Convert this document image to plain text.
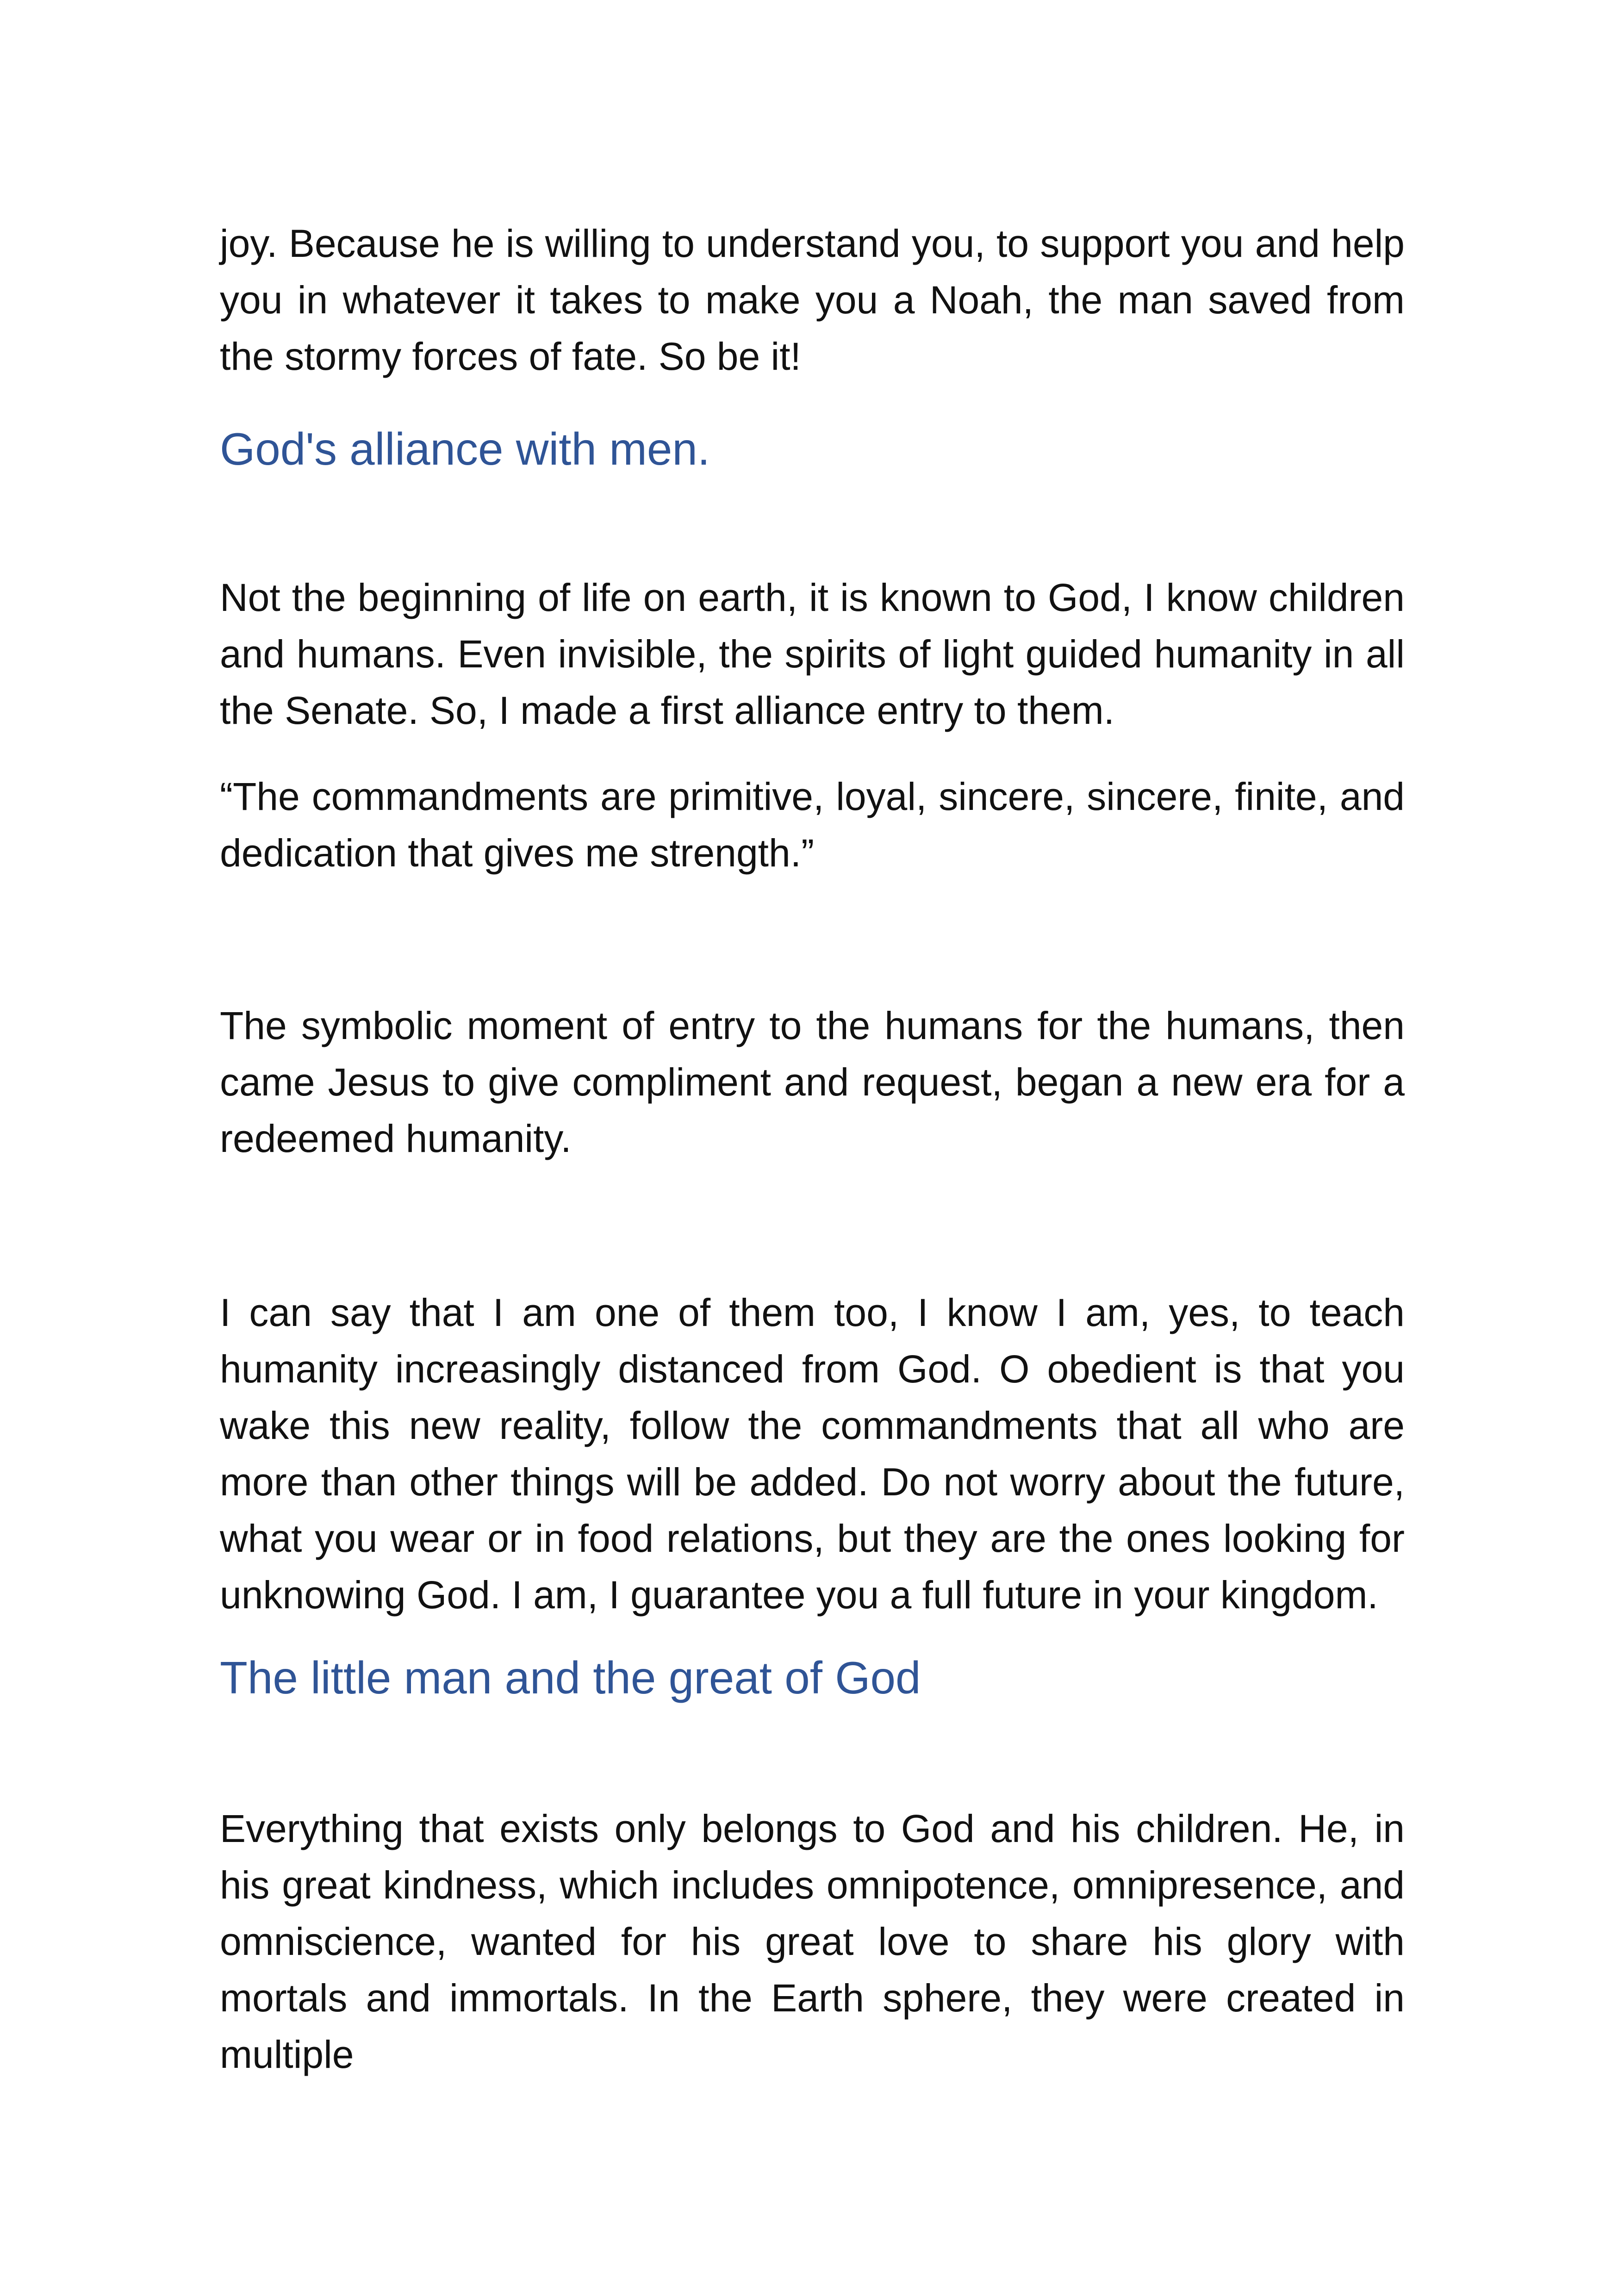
joy. Because he is willing to understand you, to support you and help you in whatever it takes to make you a Noah, the man saved from the stormy forces of fate. So be it!

God's alliance with men.

Not the beginning of life on earth, it is known to God, I know children and humans. Even invisible, the spirits of light guided humanity in all the Senate. So, I made a first alliance entry to them.

“The commandments are primitive, loyal, sincere, sincere, finite, and dedication that gives me strength.”

The symbolic moment of entry to the humans for the humans, then came Jesus to give compliment and request, began a new era for a redeemed humanity.

I can say that I am one of them too, I know I am, yes, to teach humanity increasingly distanced from God. O obedient is that you wake this new reality, follow the commandments that all who are more than other things will be added. Do not worry about the future, what you wear or in food relations, but they are the ones looking for unknowing God. I am, I guarantee you a full future in your kingdom.

The little man and the great of God

Everything that exists only belongs to God and his children. He, in his great kindness, which includes omnipotence, omnipresence, and omniscience, wanted for his great love to share his glory with mortals and immortals. In the Earth sphere, they were created in multiple
